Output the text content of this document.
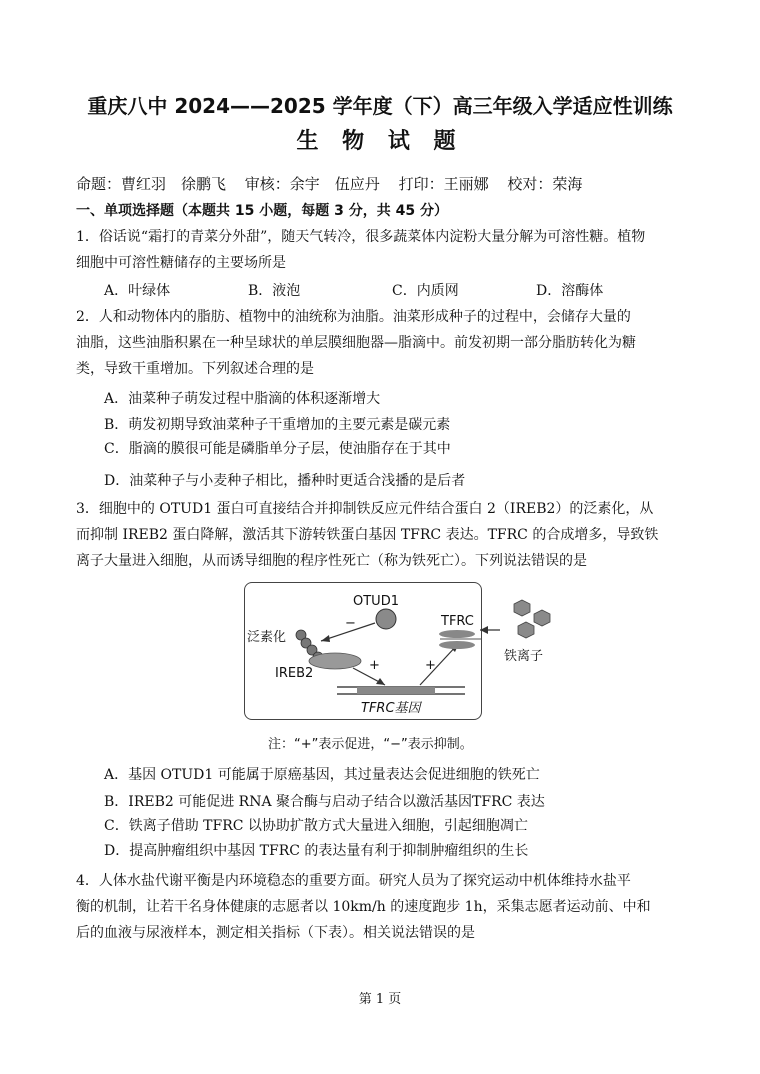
重庆八中 2024——2025 学年度（下）高三年级入学适应性训练
生 物 试 题
命题：曹红羽　徐鹏飞 审核：余宇　伍应丹 打印：王丽娜 校对：荣海
一、单项选择题（本题共 15 小题，每题 3 分，共 45 分）
1．俗话说“霜打的青菜分外甜”，随天气转冷，很多蔬菜体内淀粉大量分解为可溶性糖。植物
细胞中可溶性糖储存的主要场所是
A．叶绿体	B．液泡	C．内质网	D．溶酶体
2．人和动物体内的脂肪、植物中的油统称为油脂。油菜形成种子的过程中，会储存大量的
油脂，这些油脂积累在一种呈球状的单层膜细胞器—脂滴中。前发初期一部分脂肪转化为糖
类，导致干重增加。下列叙述合理的是
A．油菜种子萌发过程中脂滴的体积逐渐增大
B．萌发初期导致油菜种子干重增加的主要元素是碳元素
C．脂滴的膜很可能是磷脂单分子层，使油脂存在于其中
D．油菜种子与小麦种子相比，播种时更适合浅播的是后者
3．细胞中的 OTUD1 蛋白可直接结合并抑制铁反应元件结合蛋白 2（IREB2）的泛素化，从
而抑制 IREB2 蛋白降解，激活其下游转铁蛋白基因 TFRC 表达。TFRC 的合成增多，导致铁
离子大量进入细胞，从而诱导细胞的程序性死亡（称为铁死亡）。下列说法错误的是
OTUD1
−
泛素化
IREB2
+
TFRC基因
+
TFRC
铁离子
注：“+”表示促进，“−”表示抑制。
A．基因 OTUD1 可能属于原癌基因，其过量表达会促进细胞的铁死亡
B．IREB2 可能促进 RNA 聚合酶与启动子结合以激活基因TFRC 表达
C．铁离子借助 TFRC 以协助扩散方式大量进入细胞，引起细胞凋亡
D．提高肿瘤组织中基因 TFRC 的表达量有利于抑制肿瘤组织的生长
4．人体水盐代谢平衡是内环境稳态的重要方面。研究人员为了探究运动中机体维持水盐平
衡的机制，让若干名身体健康的志愿者以 10km/h 的速度跑步 1h，采集志愿者运动前、中和
后的血液与尿液样本，测定相关指标（下表）。相关说法错误的是
第 1 页
